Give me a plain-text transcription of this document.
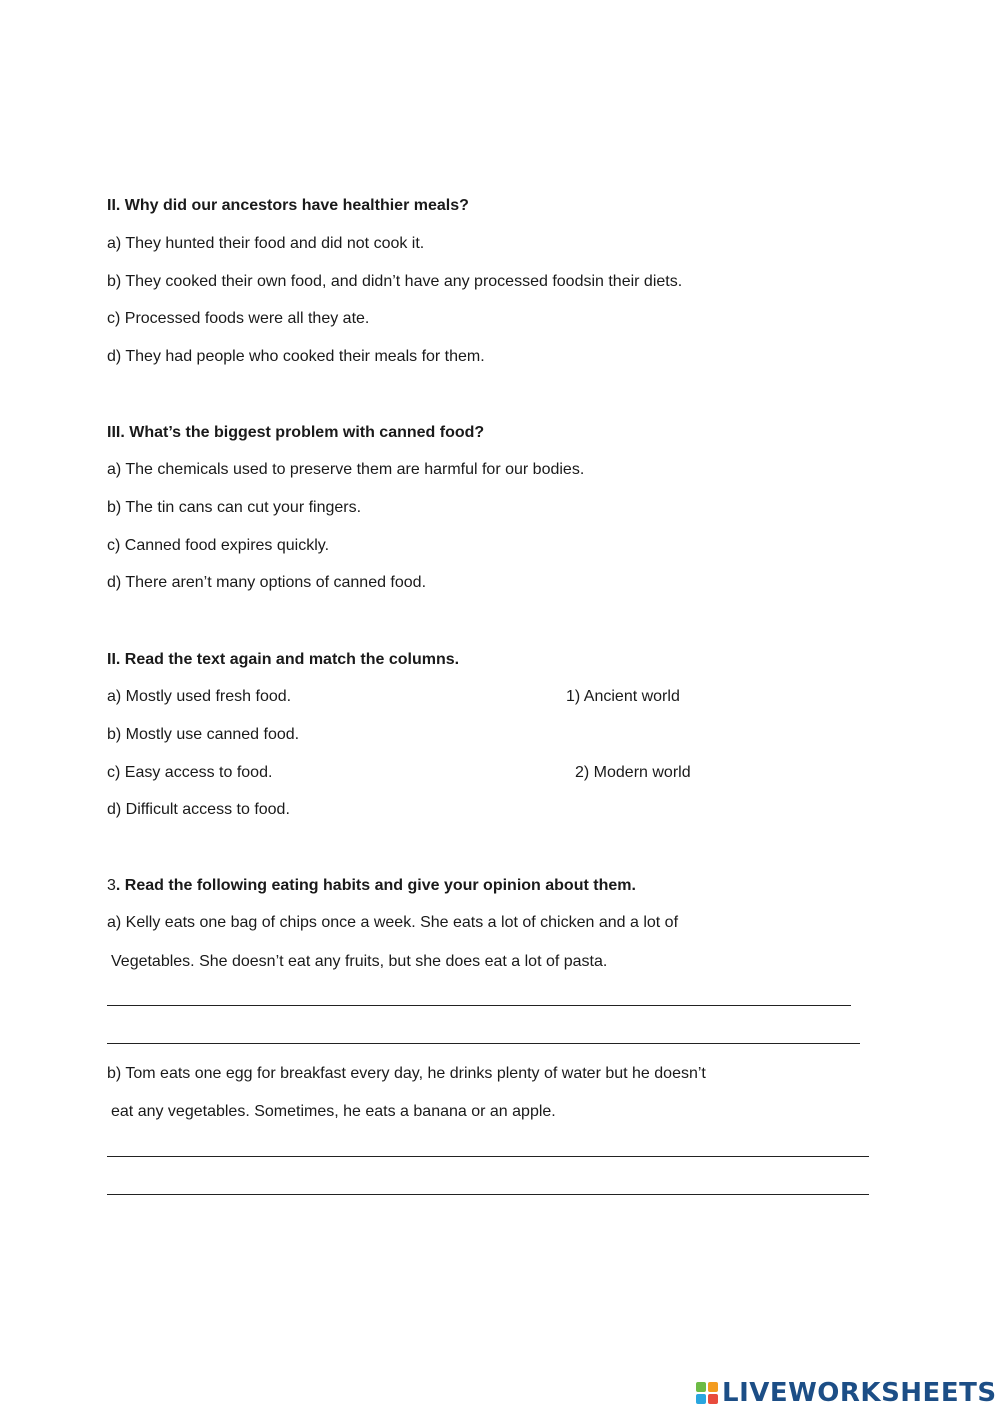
II. Why did our ancestors have healthier meals?
a) They hunted their food and did not cook it.
b) They cooked their own food, and didn’t have any processed foodsin their diets.
c) Processed foods were all they ate.
d) They had people who cooked their meals for them.
III. What’s the biggest problem with canned food?
a) The chemicals used to preserve them are harmful for our bodies.
b) The tin cans can cut your fingers.
c) Canned food expires quickly.
d) There aren’t many options of canned food.
II. Read the text again and match the columns.
a) Mostly used fresh food.	1) Ancient world
b) Mostly use canned food.
c) Easy access to food.	2) Modern world
d) Difficult access to food.
3. Read the following eating habits and give your opinion about them.
a) Kelly eats one bag of chips once a week. She eats a lot of chicken and a lot of
Vegetables. She doesn’t eat any fruits, but she does eat a lot of pasta.
b) Tom eats one egg for breakfast every day, he drinks plenty of water but he doesn’t
eat any vegetables. Sometimes, he eats a banana or an apple.
LIVEWORKSHEETS
